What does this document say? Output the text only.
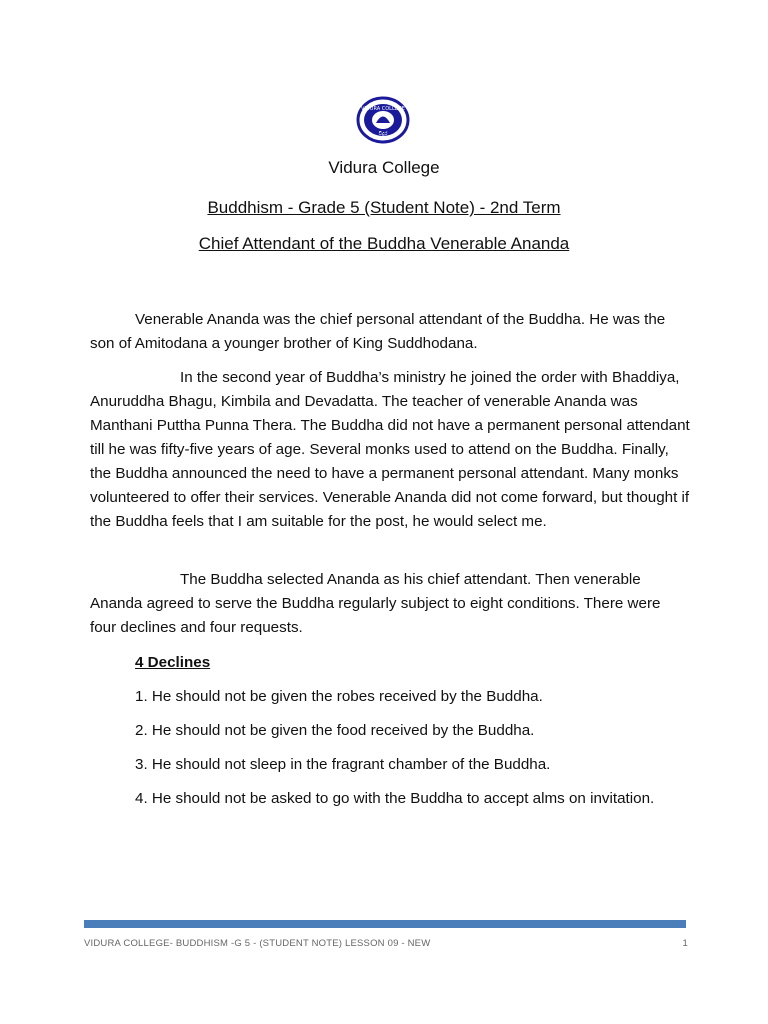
VIDURA COLLEGE
විදුර
Vidura College
Buddhism - Grade 5 (Student Note) - 2nd Term
Chief Attendant of the Buddha Venerable Ananda

Venerable Ananda was the chief personal attendant of the Buddha. He was the son of Amitodana a younger brother of King Suddhodana.

In the second year of Buddha’s ministry he joined the order with Bhaddiya, Anuruddha Bhagu, Kimbila and Devadatta. The teacher of venerable Ananda was Manthani Puttha Punna Thera. The Buddha did not have a permanent personal attendant till he was fifty-five years of age. Several monks used to attend on the Buddha. Finally, the Buddha announced the need to have a permanent personal attendant. Many monks volunteered to offer their services. Venerable Ananda did not come forward, but thought if the Buddha feels that I am suitable for the post, he would select me.

The Buddha selected Ananda as his chief attendant. Then venerable Ananda agreed to serve the Buddha regularly subject to eight conditions. There were four declines and four requests.

4 Declines
1. He should not be given the robes received by the Buddha.
2. He should not be given the food received by the Buddha.
3. He should not sleep in the fragrant chamber of the Buddha.

4. He should not be asked to go with the Buddha to accept alms on invitation.

VIDURA COLLEGE- BUDDHISM -G 5 - (STUDENT NOTE) LESSON 09 - NEW	1
